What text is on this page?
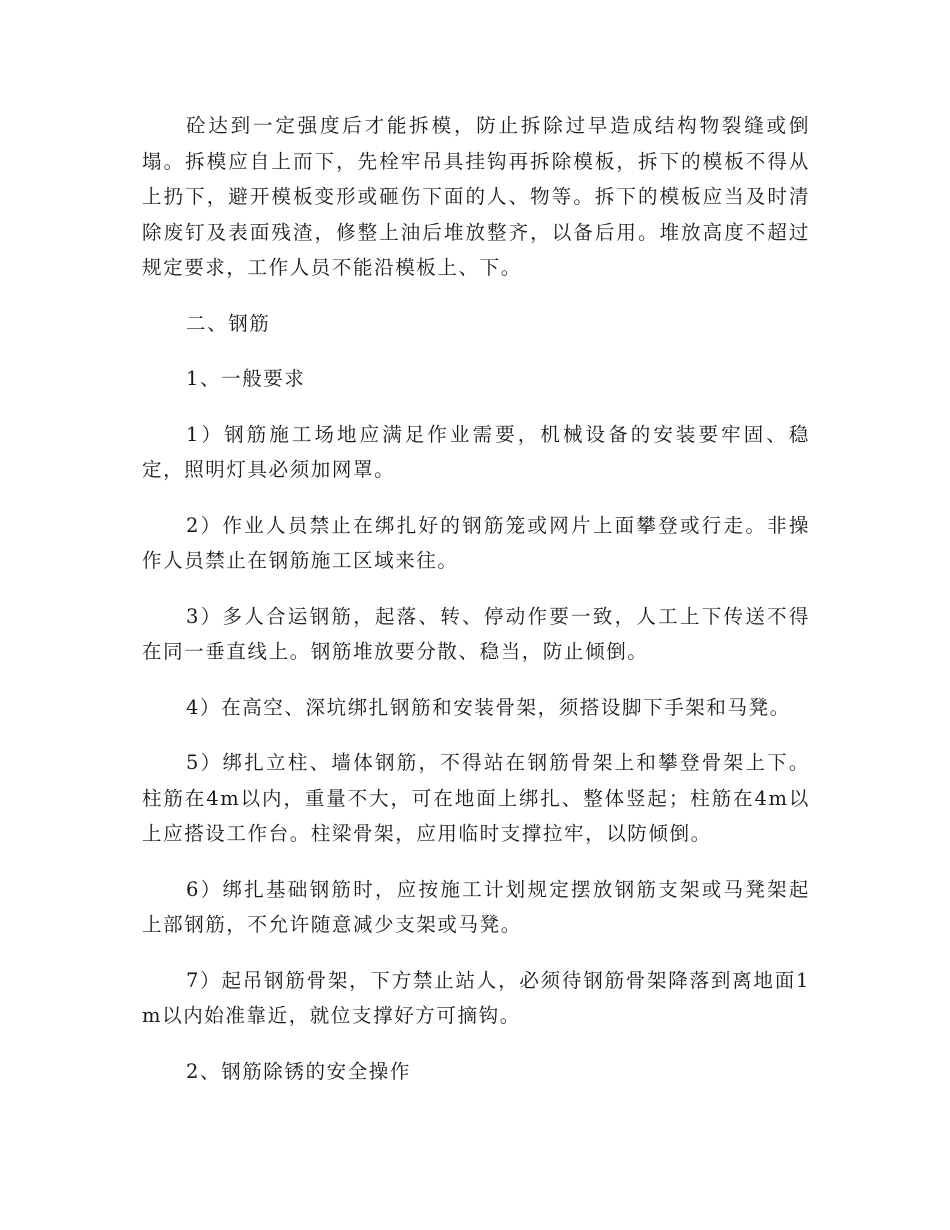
砼达到一定强度后才能拆模，防止拆除过早造成结构物裂缝或倒塌。拆模应自上而下，先栓牢吊具挂钩再拆除模板，拆下的模板不得从上扔下，避开模板变形或砸伤下面的人、物等。拆下的模板应当及时清除废钉及表面残渣，修整上油后堆放整齐，以备后用。堆放高度不超过规定要求，工作人员不能沿模板上、下。

二、钢筋

1、一般要求

1）钢筋施工场地应满足作业需要，机械设备的安装要牢固、稳定，照明灯具必须加网罩。

2）作业人员禁止在绑扎好的钢筋笼或网片上面攀登或行走。非操作人员禁止在钢筋施工区域来往。

3）多人合运钢筋，起落、转、停动作要一致，人工上下传送不得在同一垂直线上。钢筋堆放要分散、稳当，防止倾倒。

4）在高空、深坑绑扎钢筋和安装骨架，须搭设脚下手架和马凳。

5）绑扎立柱、墙体钢筋，不得站在钢筋骨架上和攀登骨架上下。柱筋在4m以内，重量不大，可在地面上绑扎、整体竖起；柱筋在4m以上应搭设工作台。柱梁骨架，应用临时支撑拉牢，以防倾倒。

6）绑扎基础钢筋时，应按施工计划规定摆放钢筋支架或马凳架起上部钢筋，不允许随意减少支架或马凳。

7）起吊钢筋骨架，下方禁止站人，必须待钢筋骨架降落到离地面1m以内始准靠近，就位支撑好方可摘钩。

2、钢筋除锈的安全操作
